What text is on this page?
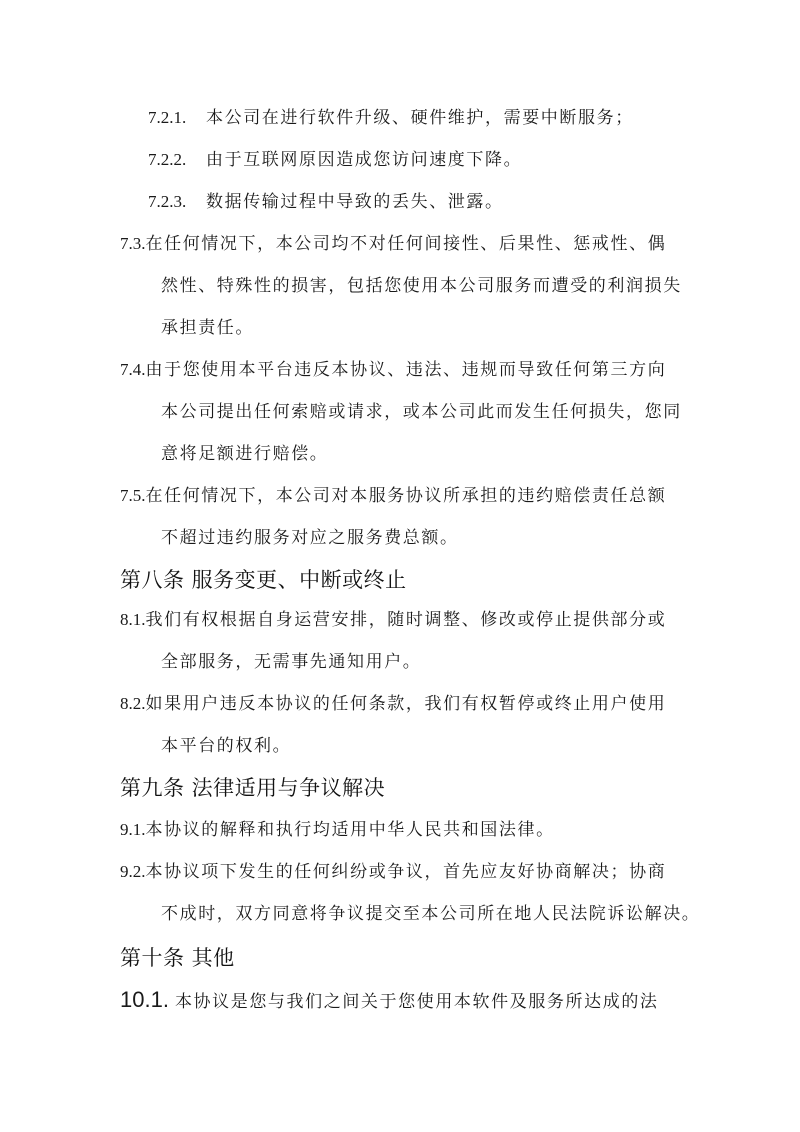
7.2.1. 本公司在进行软件升级、硬件维护，需要中断服务；
7.2.2. 由于互联网原因造成您访问速度下降。
7.2.3. 数据传输过程中导致的丢失、泄露。
7.3.在任何情况下，本公司均不对任何间接性、后果性、惩戒性、偶
然性、特殊性的损害，包括您使用本公司服务而遭受的利润损失
承担责任。
7.4.由于您使用本平台违反本协议、违法、违规而导致任何第三方向
本公司提出任何索赔或请求，或本公司此而发生任何损失，您同
意将足额进行赔偿。
7.5.在任何情况下，本公司对本服务协议所承担的违约赔偿责任总额
不超过违约服务对应之服务费总额。
第八条 服务变更、中断或终止
8.1.我们有权根据自身运营安排，随时调整、修改或停止提供部分或
全部服务，无需事先通知用户。
8.2.如果用户违反本协议的任何条款，我们有权暂停或终止用户使用
本平台的权利。
第九条 法律适用与争议解决
9.1.本协议的解释和执行均适用中华人民共和国法律。
9.2.本协议项下发生的任何纠纷或争议，首先应友好协商解决；协商
不成时，双方同意将争议提交至本公司所在地人民法院诉讼解决。
第十条 其他
10.1. 本协议是您与我们之间关于您使用本软件及服务所达成的法
